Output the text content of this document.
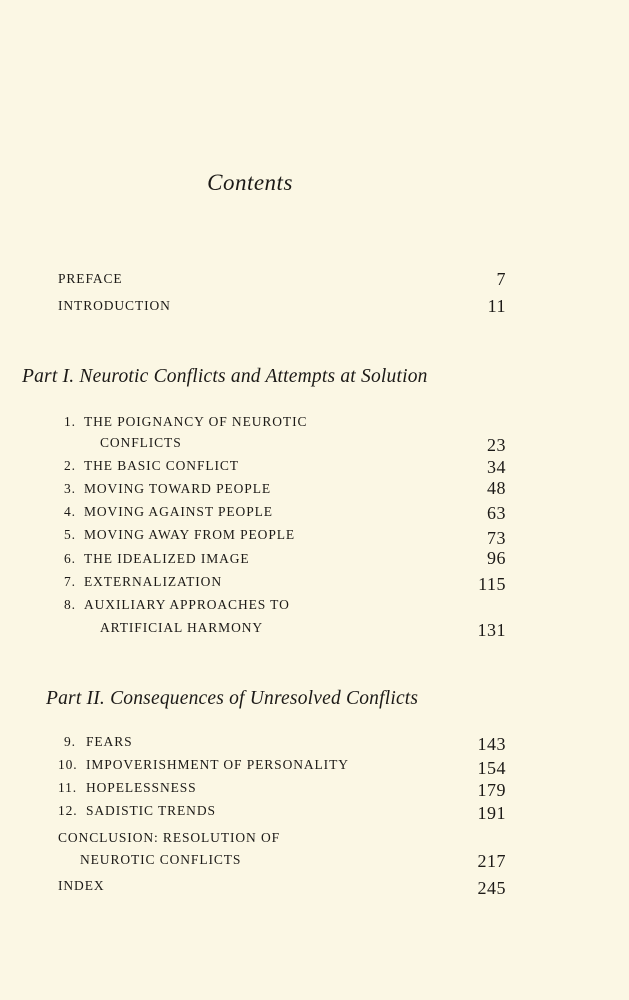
Contents
PREFACE	7
INTRODUCTION	11
Part I. Neurotic Conflicts and Attempts at Solution
1. THE POIGNANCY OF NEUROTIC
CONFLICTS	23
2. THE BASIC CONFLICT	34
3. MOVING TOWARD PEOPLE	48
4. MOVING AGAINST PEOPLE	63
5. MOVING AWAY FROM PEOPLE	73
6. THE IDEALIZED IMAGE	96
7. EXTERNALIZATION	115
8. AUXILIARY APPROACHES TO
ARTIFICIAL HARMONY	131
Part II. Consequences of Unresolved Conflicts
9. FEARS	143
10. IMPOVERISHMENT OF PERSONALITY	154
11. HOPELESSNESS	179
12. SADISTIC TRENDS	191
CONCLUSION: RESOLUTION OF
NEUROTIC CONFLICTS	217
INDEX	245
